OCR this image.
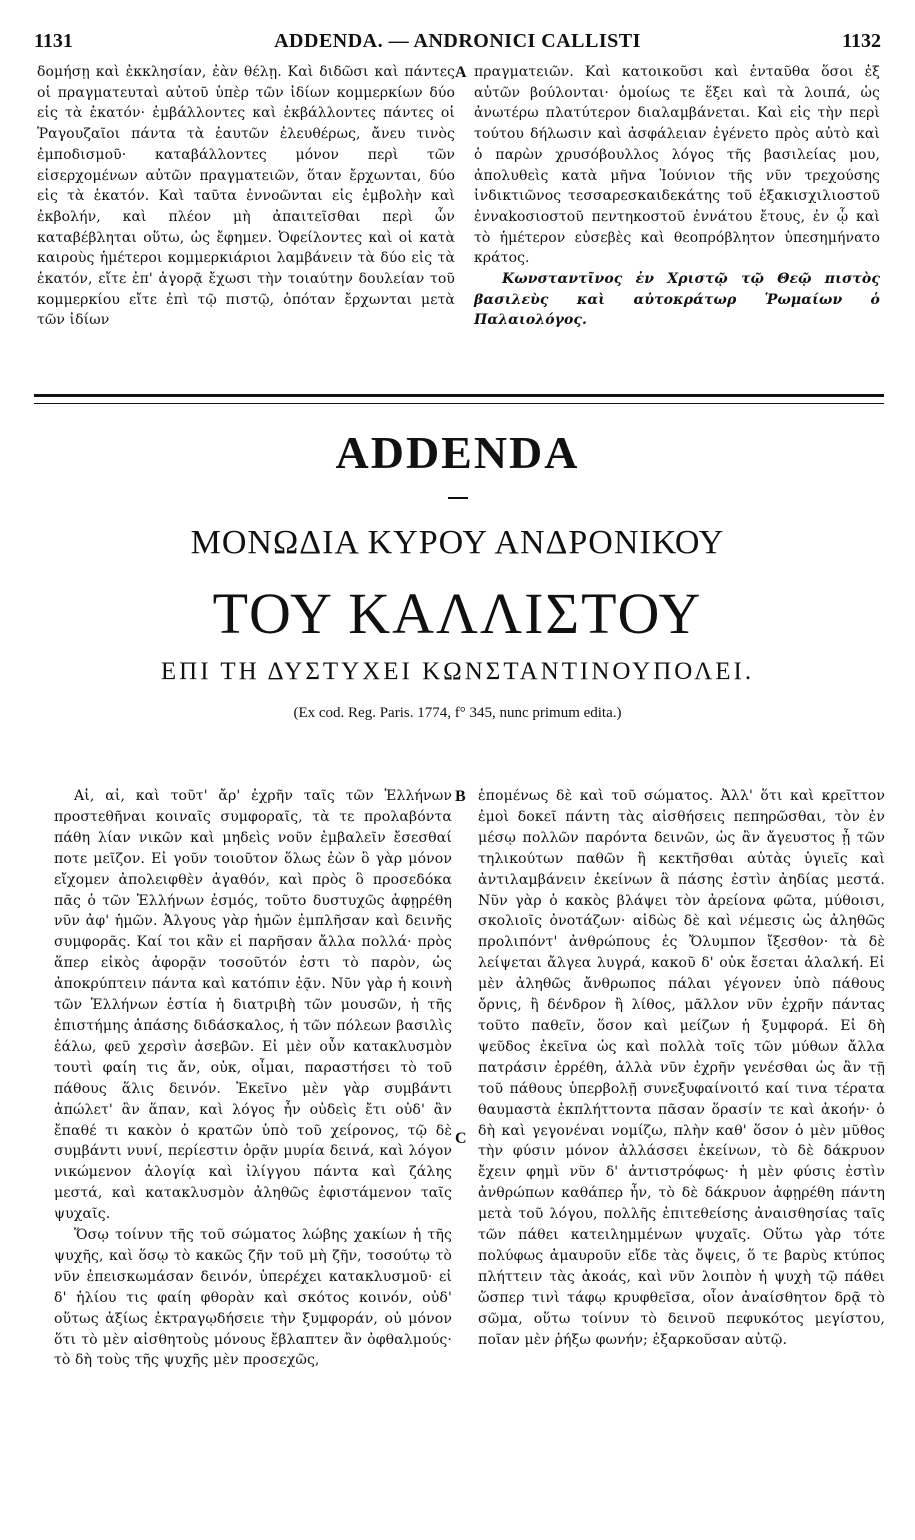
1131	ADDENDA. — ANDRONICI CALLISTI	1132

δομήσῃ καὶ ἐκκλησίαν, ἐὰν θέλῃ. Καὶ διδῶσι καὶ πάντες οἱ πραγματευταὶ αὐτοῦ ὑπὲρ τῶν ἰδίων κομμερκίων δύο εἰς τὰ ἑκατόν· ἐμβάλλοντες καὶ ἐκβάλλοντες πάντες οἱ Ῥαγουζαῖοι πάντα τὰ ἑαυτῶν ἐλευθέρως, ἄνευ τινὸς ἐμποδισμοῦ· καταβάλλοντες μόνον περὶ τῶν εἰσερχομένων αὐτῶν πραγματειῶν, ὅταν ἔρχωνται, δύο εἰς τὰ ἑκατόν. Καὶ ταῦτα ἐννοῶνται εἰς ἐμβολὴν καὶ ἐκβολήν, καὶ πλέον μὴ ἀπαιτεῖσθαι περὶ ὧν καταβέβληται οὕτω, ὡς ἔφημεν. Ὀφείλοντες καὶ οἱ κατὰ καιροὺς ἡμέτεροι κομμερκιάριοι λαμβάνειν τὰ δύο εἰς τὰ ἑκατόν, εἴτε ἐπ' ἀγορᾷ ἔχωσι τὴν τοιαύτην δουλείαν τοῦ κομμερκίου εἴτε ἐπὶ τῷ πιστῷ, ὁπόταν ἔρχωνται μετὰ τῶν ἰδίων

A πραγματειῶν. Καὶ κατοικοῦσι καὶ ἐνταῦθα ὅσοι ἐξ αὐτῶν βούλονται· ὁμοίως τε ἕξει καὶ τὰ λοιπά, ὡς ἀνωτέρω πλατύτερον διαλαμβάνεται. Καὶ εἰς τὴν περὶ τούτου δήλωσιν καὶ ἀσφάλειαν ἐγένετο πρὸς αὐτὸ καὶ ὁ παρὼν χρυσόβουλλος λόγος τῆς βασιλείας μου, ἀπολυθεὶς κατὰ μῆνα Ἰούνιον τῆς νῦν τρεχούσης ἰνδικτιῶνος τεσσαρεσκαιδεκάτης τοῦ ἑξακισχιλιοστοῦ ἐνναkοσιοστοῦ πεντηκοστοῦ ἐννάτου ἔτους, ἐν ᾧ καὶ τὸ ἡμέτερον εὐσεβὲς καὶ θεοπρόβλητον ὑπεσημήνατο κράτος.

Κωνσταντῖνος ἐν Χριστῷ τῷ Θεῷ πιστὸς βασιλεὺς καὶ αὐτοκράτωρ Ῥωμαίων ὁ Παλαιολόγος.

ADDENDA
ΜΟΝΩΔΙΑ ΚΥΡΟΥ ΑΝΔΡΟΝΙΚΟΥ
ΤΟΥ ΚΑΛΛΙΣΤΟΥ
ΕΠΙ ΤΗ ΔΥΣΤΥΧΕΙ ΚΩΝΣΤΑΝΤΙΝΟΥΠΟΛΕΙ.
(Ex cod. Reg. Paris. 1774, f° 345, nunc primum edita.)

Αἰ, αἰ, καὶ τοῦτ' ἄρ' ἐχρῆν ταῖς τῶν Ἑλλήνων προστεθῆναι κοιναῖς συμφοραῖς, τὰ τε προλαβόντα πάθη λίαν νικῶν καὶ μηδεὶς νοῦν ἐμβαλεῖν ἔσεσθαί ποτε μεῖζον. Εἰ γοῦν τοιοῦτον ὅλως ἐὼν ὃ γὰρ μόνον εἴχομεν ἀπολειφθὲν ἀγαθόν, καὶ πρὸς ὃ προσεδόκα πᾶς ὁ τῶν Ἑλλήνων ἐσμός, τοῦτο δυστυχῶς ἀφῃρέθη νῦν ἀφ' ἡμῶν. Ἀλγους γὰρ ἡμῶν ἐμπλῆσαν καὶ δεινῆς συμφορᾶς. Καί τοι κἂν εἰ παρῆσαν ἄλλα πολλά· πρὸς ἅπερ εἰκὸς ἀφορᾷν τοσοῦτόν ἐστι τὸ παρὸν, ὡς ἀποκρύπτειν πάντα καὶ κατόπιν ἐᾷν. Νῦν γὰρ ἡ κοινὴ τῶν Ἑλλήνων ἑστία ἡ διατριβὴ τῶν μουσῶν, ἡ τῆς ἐπιστήμης ἁπάσης διδάσκαλος, ἡ τῶν πόλεων βασιλὶς ἑάλω, φεῦ χερσὶν ἀσεβῶν. Εἰ μὲν οὖν κατακλυσμὸν τουτὶ φαίη τις ἄν, οὐκ, οἶμαι, παραστήσει τὸ τοῦ πάθους ἅλις δεινόν. Ἐκεῖνο μὲν γὰρ συμβάντι ἀπώλετ' ἂν ἅπαν, καὶ λόγος ἦν οὐδεὶς ἔτι οὐδ' ἂν ἔπαθέ τι κακὸν ὁ κρατῶν ὑπὸ τοῦ χείρονος, τῷ δὲ συμβάντι νυνί, περίεστιν ὁρᾷν μυρία δεινά, καὶ λόγον νικώμενον ἀλογίᾳ καὶ ἰλίγγου πάντα καὶ ζάλης μεστά, καὶ κατακλυσμὸν ἀληθῶς ἐφιστάμενον ταῖς ψυχαῖς.

Ὅσῳ τοίνυν τῆς τοῦ σώματος λώβης χακίων ἡ τῆς ψυχῆς, καὶ ὅσῳ τὸ κακῶς ζῆν τοῦ μὴ ζῆν, τοσούτῳ τὸ νῦν ἐπεισκωμάσαν δεινόν, ὑπερέχει κατακλυσμοῦ· εἰ δ' ἡλίου τις φαίη φθορὰν καὶ σκότος κοινόν, οὐδ' οὕτως ἀξίως ἐκτραγῳδήσειε τὴν ξυμφοράν, οὐ μόνον ὅτι τὸ μὲν αἰσθητοὺς μόνους ἔβλαπτεν ἂν ὀφθαλμούς· τὸ δὴ τοὺς τῆς ψυχῆς μὲν προσεχῶς,

B
C

ἑπομένως δὲ καὶ τοῦ σώματος. Ἀλλ' ὅτι καὶ κρεῖττον ἐμοὶ δοκεῖ πάντη τὰς αἰσθήσεις πεπηρῶσθαι, τὸν ἐν μέσῳ πολλῶν παρόντα δεινῶν, ὡς ἂν ἄγευστος ᾖ τῶν τηλικούτων παθῶν ἢ κεκτῆσθαι αὐτὰς ὑγιεῖς καὶ ἀντιλαμβάνειν ἐκείνων ἃ πάσης ἐστὶν ἀηδίας μεστά. Νῦν γὰρ ὁ κακὸς βλάψει τὸν ἀρείονα φῶτα, μύθοισι, σκολιοῖς ὀνοτάζων· αἰδὼς δὲ καὶ νέμεσις ὡς ἀληθῶς προλιπόντ' ἀνθρώπους ἐς Ὄλυμπον ἴξεσθον· τὰ δὲ λείψεται ἄλγεα λυγρά, κακοῦ δ' οὐκ ἔσεται ἀλαλκή. Εἰ μὲν ἀληθῶς ἄνθρωπος πάλαι γέγονεν ὑπὸ πάθους ὄρνις, ἢ δένδρον ἢ λίθος, μᾶλλον νῦν ἐχρῆν πάντας τοῦτο παθεῖν, ὅσον καὶ μείζων ἡ ξυμφορά. Εἰ δὴ ψεῦδος ἐκεῖνα ὡς καὶ πολλὰ τοῖς τῶν μύθων ἄλλα πατράσιν ἐρρέθη, ἀλλὰ νῦν ἐχρῆν γενέσθαι ὡς ἂν τῇ τοῦ πάθους ὑπερβολῇ συνεξυφαίνοιτό καί τινα τέρατα θαυμαστὰ ἐκπλήττοντα πᾶσαν ὅρασίν τε καὶ ἀκοήν· ὁ δὴ καὶ γεγονέναι νομίζω, πλὴν καθ' ὅσον ὁ μὲν μῦθος τὴν φύσιν μόνον ἀλλάσσει ἐκείνων, τὸ δὲ δάκρυον ἔχειν φημὶ νῦν δ' ἀντιστρόφως· ἡ μὲν φύσις ἐστὶν ἀνθρώπων καθάπερ ἦν, τὸ δὲ δάκρυον ἀφῃρέθη πάντη μετὰ τοῦ λόγου, πολλῆς ἐπιτεθείσης ἀναισθησίας ταῖς τῶν πάθει κατειλημμένων ψυχαῖς. Οὕτω γὰρ τότε πολύφως ἀμαυροῦν εἴδε τὰς ὄψεις, ὅ τε βαρὺς κτύπος πλήττειν τὰς ἀκοάς, καὶ νῦν λοιπὸν ἡ ψυχὴ τῷ πάθει ὥσπερ τινὶ τάφῳ κρυφθεῖσα, οἷον ἀναίσθητον δρᾷ τὸ σῶμα, οὕτω τοίνυν τὸ δεινοῦ πεφυκότος μεγίστου, ποῖαν μὲν ῥήξω φωνήν; ἐξαρκοῦσαν αὐτῷ.
